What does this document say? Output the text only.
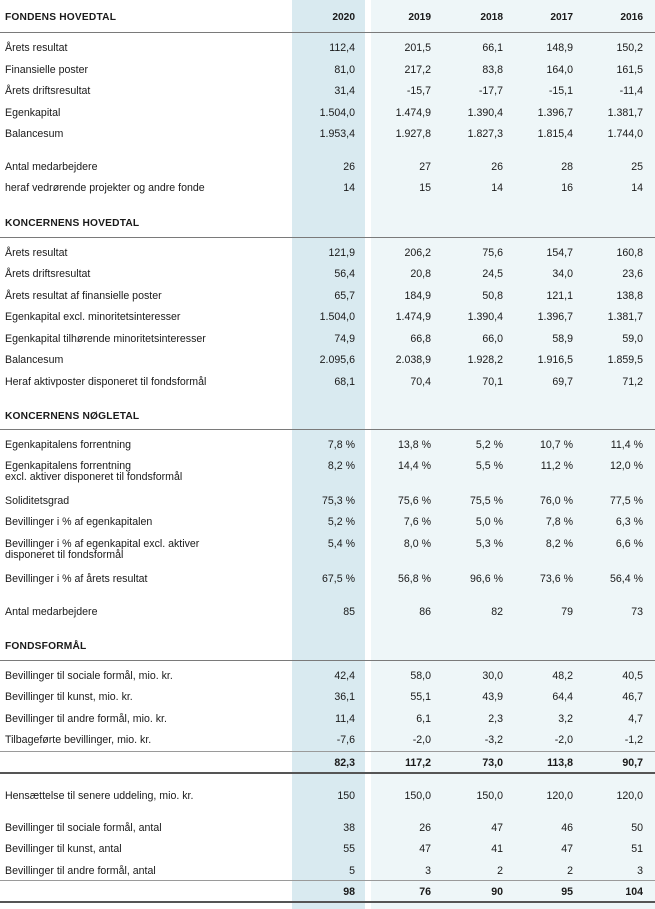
FONDENS HOVEDTAL	2020	2019	2018	2017	2016
Årets resultat	112,4	201,5	66,1	148,9	150,2
Finansielle poster	81,0	217,2	83,8	164,0	161,5
Årets driftsresultat	31,4	-15,7	-17,7	-15,1	-11,4
Egenkapital	1.504,0	1.474,9	1.390,4	1.396,7	1.381,7
Balancesum	1.953,4	1.927,8	1.827,3	1.815,4	1.744,0
Antal medarbejdere	26	27	26	28	25
heraf vedrørende projekter og andre fonde	14	15	14	16	14
KONCERNENS HOVEDTAL
Årets resultat	121,9	206,2	75,6	154,7	160,8
Årets driftsresultat	56,4	20,8	24,5	34,0	23,6
Årets resultat af finansielle poster	65,7	184,9	50,8	121,1	138,8
Egenkapital excl. minoritetsinteresser	1.504,0	1.474,9	1.390,4	1.396,7	1.381,7
Egenkapital tilhørende minoritetsinteresser	74,9	66,8	66,0	58,9	59,0
Balancesum	2.095,6	2.038,9	1.928,2	1.916,5	1.859,5
Heraf aktivposter disponeret til fondsformål	68,1	70,4	70,1	69,7	71,2
KONCERNENS NØGLETAL
Egenkapitalens forrentning	7,8 %	13,8 %	5,2 %	10,7 %	11,4 %
Egenkapitalens forrentning
excl. aktiver disponeret til fondsformål
8,2 %	14,4 %	5,5 %	11,2 %	12,0 %
Soliditetsgrad	75,3 %	75,6 %	75,5 %	76,0 %	77,5 %
Bevillinger i % af egenkapitalen	5,2 %	7,6 %	5,0 %	7,8 %	6,3 %
Bevillinger i % af egenkapital excl. aktiver
disponeret til fondsformål
5,4 %	8,0 %	5,3 %	8,2 %	6,6 %
Bevillinger i % af årets resultat	67,5 %	56,8 %	96,6 %	73,6 %	56,4 %
Antal medarbejdere	85	86	82	79	73
FONDSFORMÅL
Bevillinger til sociale formål, mio. kr.	42,4	58,0	30,0	48,2	40,5
Bevillinger til kunst, mio. kr.	36,1	55,1	43,9	64,4	46,7
Bevillinger til andre formål, mio. kr.	11,4	6,1	2,3	3,2	4,7
Tilbageførte bevillinger, mio. kr.	-7,6	-2,0	-3,2	-2,0	-1,2
82,3	117,2	73,0	113,8	90,7
Hensættelse til senere uddeling, mio. kr.	150	150,0	150,0	120,0	120,0
Bevillinger til sociale formål, antal	38	26	47	46	50
Bevillinger til kunst, antal	55	47	41	47	51
Bevillinger til andre formål, antal	5	3	2	2	3
98	76	90	95	104
